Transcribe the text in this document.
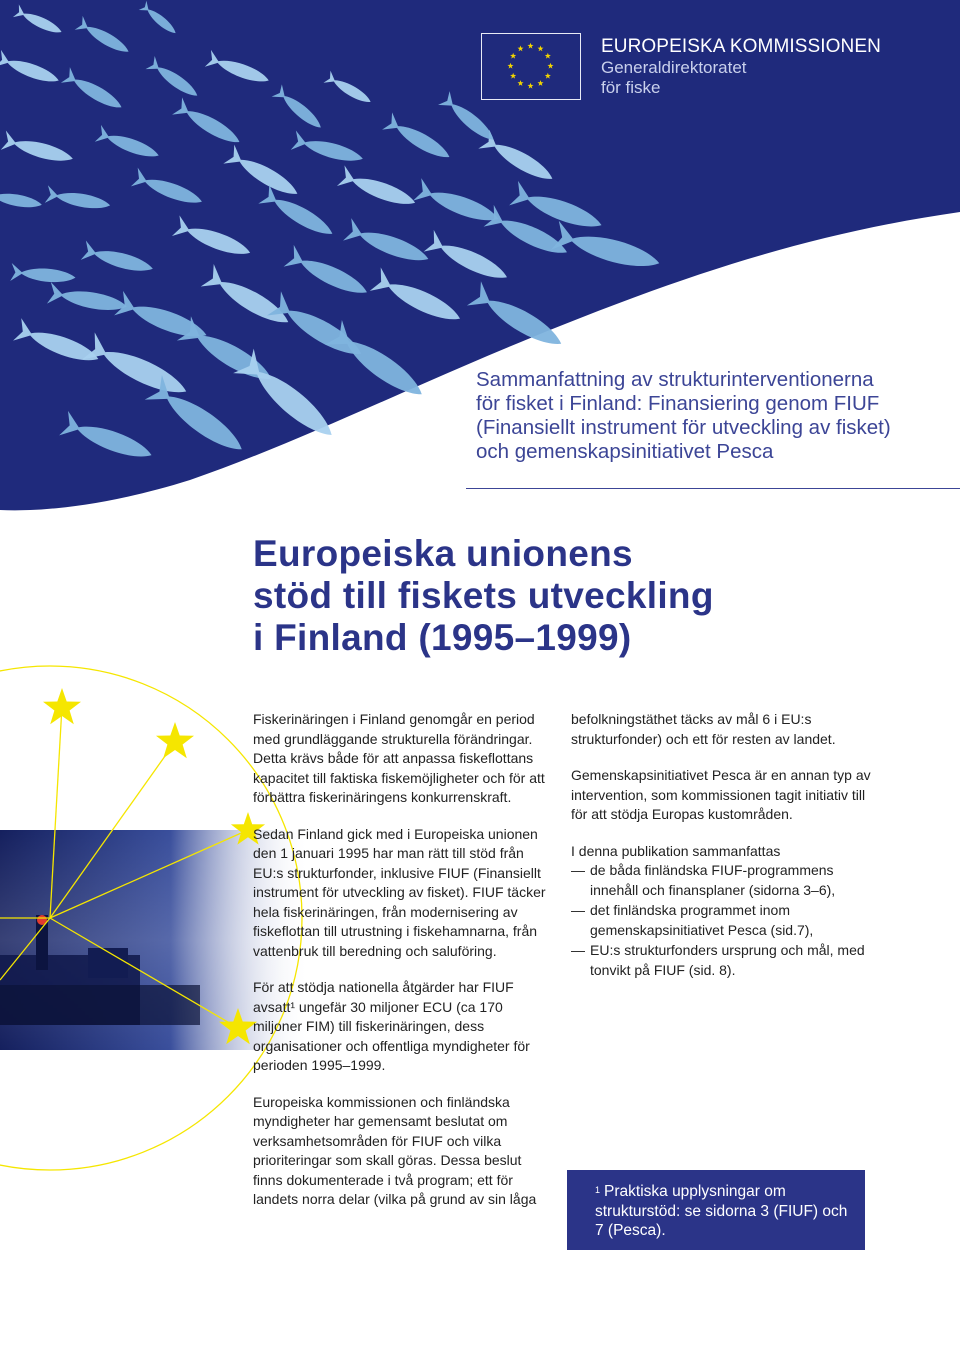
EUROPEISKA KOMMISSIONEN
Generaldirektoratet
för fiske
Sammanfattning av strukturinterventionerna
för fisket i Finland: Finansiering genom FIUF
(Finansiellt instrument för utveckling av fisket)
och gemenskapsinitiativet Pesca
Europeiska unionens
stöd till fiskets utveckling
i Finland (1995–1999)

Fiskerinäringen i Finland genomgår en period med grundläggande strukturella förändringar. Detta krävs både för att anpassa fiskeflottans kapacitet till faktiska fiskemöjligheter och för att förbättra fiskerinäringens konkurrenskraft.

Sedan Finland gick med i Europeiska unionen den 1 januari 1995 har man rätt till stöd från EU:s strukturfonder, inklusive FIUF (Finansiellt instrument för utveckling av fisket). FIUF täcker hela fiskerinäringen, från modernisering av fiskeflottan till utrustning i fiskehamnarna, från vattenbruk till beredning och saluföring.

För att stödja nationella åtgärder har FIUF avsatt¹ ungefär 30 miljoner ECU (ca 170 miljoner FIM) till fiskerinäringen, dess organisationer och offentliga myndigheter för perioden 1995–1999.

Europeiska kommissionen och finländska myndigheter har gemensamt beslutat om verksamhetsområden för FIUF och vilka prioriteringar som skall göras. Dessa beslut finns dokumenterade i två program; ett för landets norra delar (vilka på grund av sin låga

befolkningstäthet täcks av mål 6 i EU:s strukturfonder) och ett för resten av landet.

Gemenskapsinitiativet Pesca är en annan typ av intervention, som kommissionen tagit initiativ till för att stödja Europas kustområden.

I denna publikation sammanfattas
— de båda finländska FIUF-programmens innehåll och finansplaner (sidorna 3–6),
— det finländska programmet inom gemenskapsinitiativet Pesca (sid.7),
— EU:s strukturfonders ursprung och mål, med tonvikt på FIUF (sid. 8).
$^1$ Praktiska upplysningar om strukturstöd: se sidorna 3 (FIUF) och 7 (Pesca).
